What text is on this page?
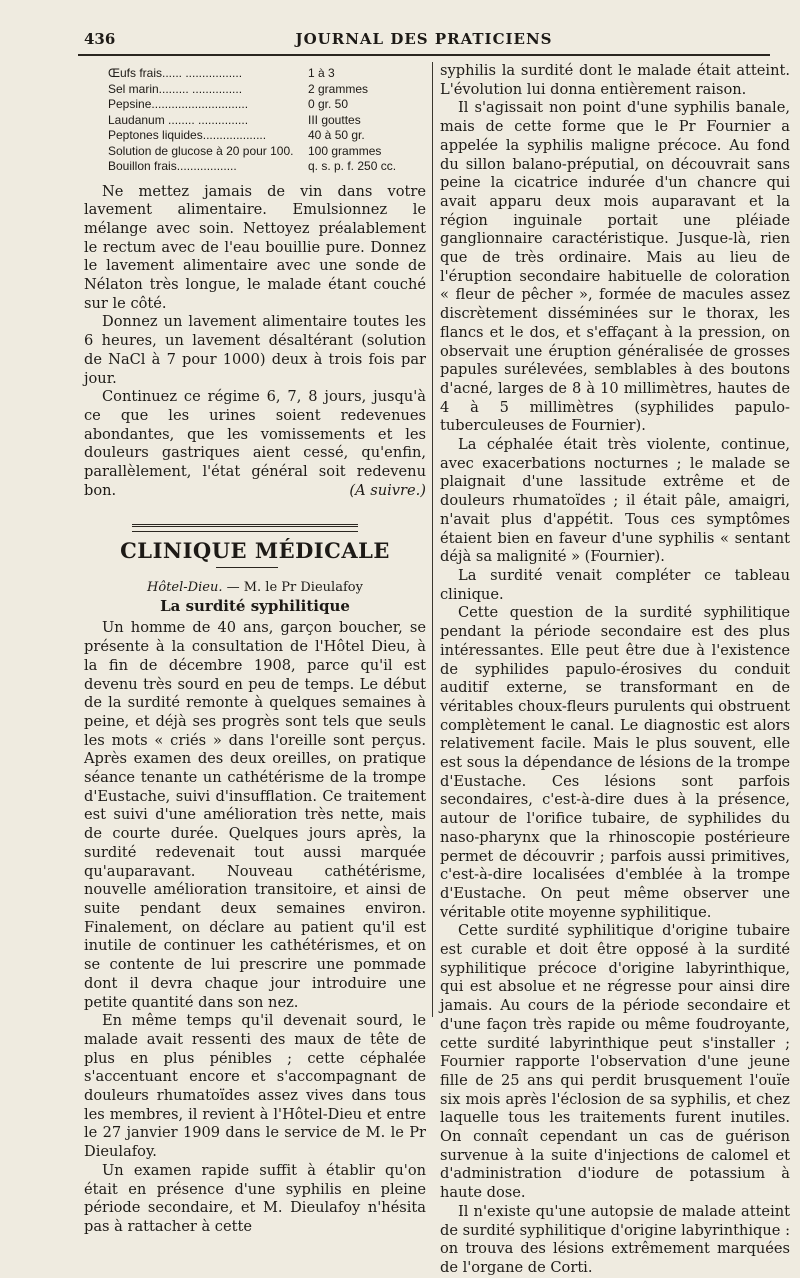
436	JOURNAL DES PRATICIENS
Œufs frais...... .................	1 à 3
Sel marin......... ...............	2 grammes
Pepsine.............................	0 gr. 50
Laudanum ........ ...............	III gouttes
Peptones liquides...................	40 à 50 gr.
Solution de glucose à 20 pour 100.	100 grammes
Bouillon frais..................	q. s. p. f. 250 cc.

Ne mettez jamais de vin dans votre lavement alimentaire. Emulsionnez le mélange avec soin. Nettoyez préalablement le rectum avec de l'eau bouillie pure. Donnez le lavement alimentaire avec une sonde de Nélaton très longue, le malade étant couché sur le côté.

Donnez un lavement alimentaire toutes les 6 heures, un lavement désaltérant (solution de NaCl à 7 pour 1000) deux à trois fois par jour.

Continuez ce régime 6, 7, 8 jours, jusqu'à ce que les urines soient redevenues abondantes, que les vomissements et les douleurs gastriques aient cessé, qu'enfin, parallèlement, l'état général soit redevenu bon.	(A suivre.)

CLINIQUE MÉDICALE
Hôtel-Dieu. — M. le Pr Dieulafoy
La surdité syphilitique

Un homme de 40 ans, garçon boucher, se présente à la consultation de l'Hôtel Dieu, à la fin de décembre 1908, parce qu'il est devenu très sourd en peu de temps. Le début de la surdité remonte à quelques semaines à peine, et déjà ses progrès sont tels que seuls les mots « criés » dans l'oreille sont perçus. Après examen des deux oreilles, on pratique séance tenante un cathétérisme de la trompe d'Eustache, suivi d'insufflation. Ce traitement est suivi d'une amélioration très nette, mais de courte durée. Quelques jours après, la surdité redevenait tout aussi marquée qu'auparavant. Nouveau cathétérisme, nouvelle amélioration transitoire, et ainsi de suite pendant deux semaines environ. Finalement, on déclare au patient qu'il est inutile de continuer les cathétérismes, et on se contente de lui prescrire une pommade dont il devra chaque jour introduire une petite quantité dans son nez.

En même temps qu'il devenait sourd, le malade avait ressenti des maux de tête de plus en plus pénibles ; cette céphalée s'accentuant encore et s'accompagnant de douleurs rhumatoïdes assez vives dans tous les membres, il revient à l'Hôtel-Dieu et entre le 27 janvier 1909 dans le service de M. le Pr Dieulafoy.

Un examen rapide suffit à établir qu'on était en présence d'une syphilis en pleine période secondaire, et M. Dieulafoy n'hésita pas à rattacher à cette

syphilis la surdité dont le malade était atteint. L'évolution lui donna entièrement raison.

Il s'agissait non point d'une syphilis banale, mais de cette forme que le Pr Fournier a appelée la syphilis maligne précoce. Au fond du sillon balano-préputial, on découvrait sans peine la cicatrice indurée d'un chancre qui avait apparu deux mois auparavant et la région inguinale portait une pléiade ganglionnaire caractéristique. Jusque-là, rien que de très ordinaire. Mais au lieu de l'éruption secondaire habituelle de coloration « fleur de pêcher », formée de macules assez discrètement disséminées sur le thorax, les flancs et le dos, et s'effaçant à la pression, on observait une éruption généralisée de grosses papules surélevées, semblables à des boutons d'acné, larges de 8 à 10 millimètres, hautes de 4 à 5 millimètres (syphilides papulo-tuberculeuses de Fournier).

La céphalée était très violente, continue, avec exacerbations nocturnes ; le malade se plaignait d'une lassitude extrême et de douleurs rhumatoïdes ; il était pâle, amaigri, n'avait plus d'appétit. Tous ces symptômes étaient bien en faveur d'une syphilis « sentant déjà sa malignité » (Fournier).

La surdité venait compléter ce tableau clinique.

Cette question de la surdité syphilitique pendant la période secondaire est des plus intéressantes. Elle peut être due à l'existence de syphilides papulo-érosives du conduit auditif externe, se transformant en de véritables choux-fleurs purulents qui obstruent complètement le canal. Le diagnostic est alors relativement facile. Mais le plus souvent, elle est sous la dépendance de lésions de la trompe d'Eustache. Ces lésions sont parfois secondaires, c'est-à-dire dues à la présence, autour de l'orifice tubaire, de syphilides du naso-pharynx que la rhinoscopie postérieure permet de découvrir ; parfois aussi primitives, c'est-à-dire localisées d'emblée à la trompe d'Eustache. On peut même observer une véritable otite moyenne syphilitique.

Cette surdité syphilitique d'origine tubaire est curable et doit être opposé à la surdité syphilitique précoce d'origine labyrinthique, qui est absolue et ne régresse pour ainsi dire jamais. Au cours de la période secondaire et d'une façon très rapide ou même foudroyante, cette surdité labyrinthique peut s'installer ; Fournier rapporte l'observation d'une jeune fille de 25 ans qui perdit brusquement l'ouïe six mois après l'éclosion de sa syphilis, et chez laquelle tous les traitements furent inutiles. On connaît cependant un cas de guérison survenue à la suite d'injections de calomel et d'administration d'iodure de potassium à haute dose.

Il n'existe qu'une autopsie de malade atteint de surdité syphilitique d'origine labyrinthique : on trouva des lésions extrêmement marquées de l'organe de Corti.
